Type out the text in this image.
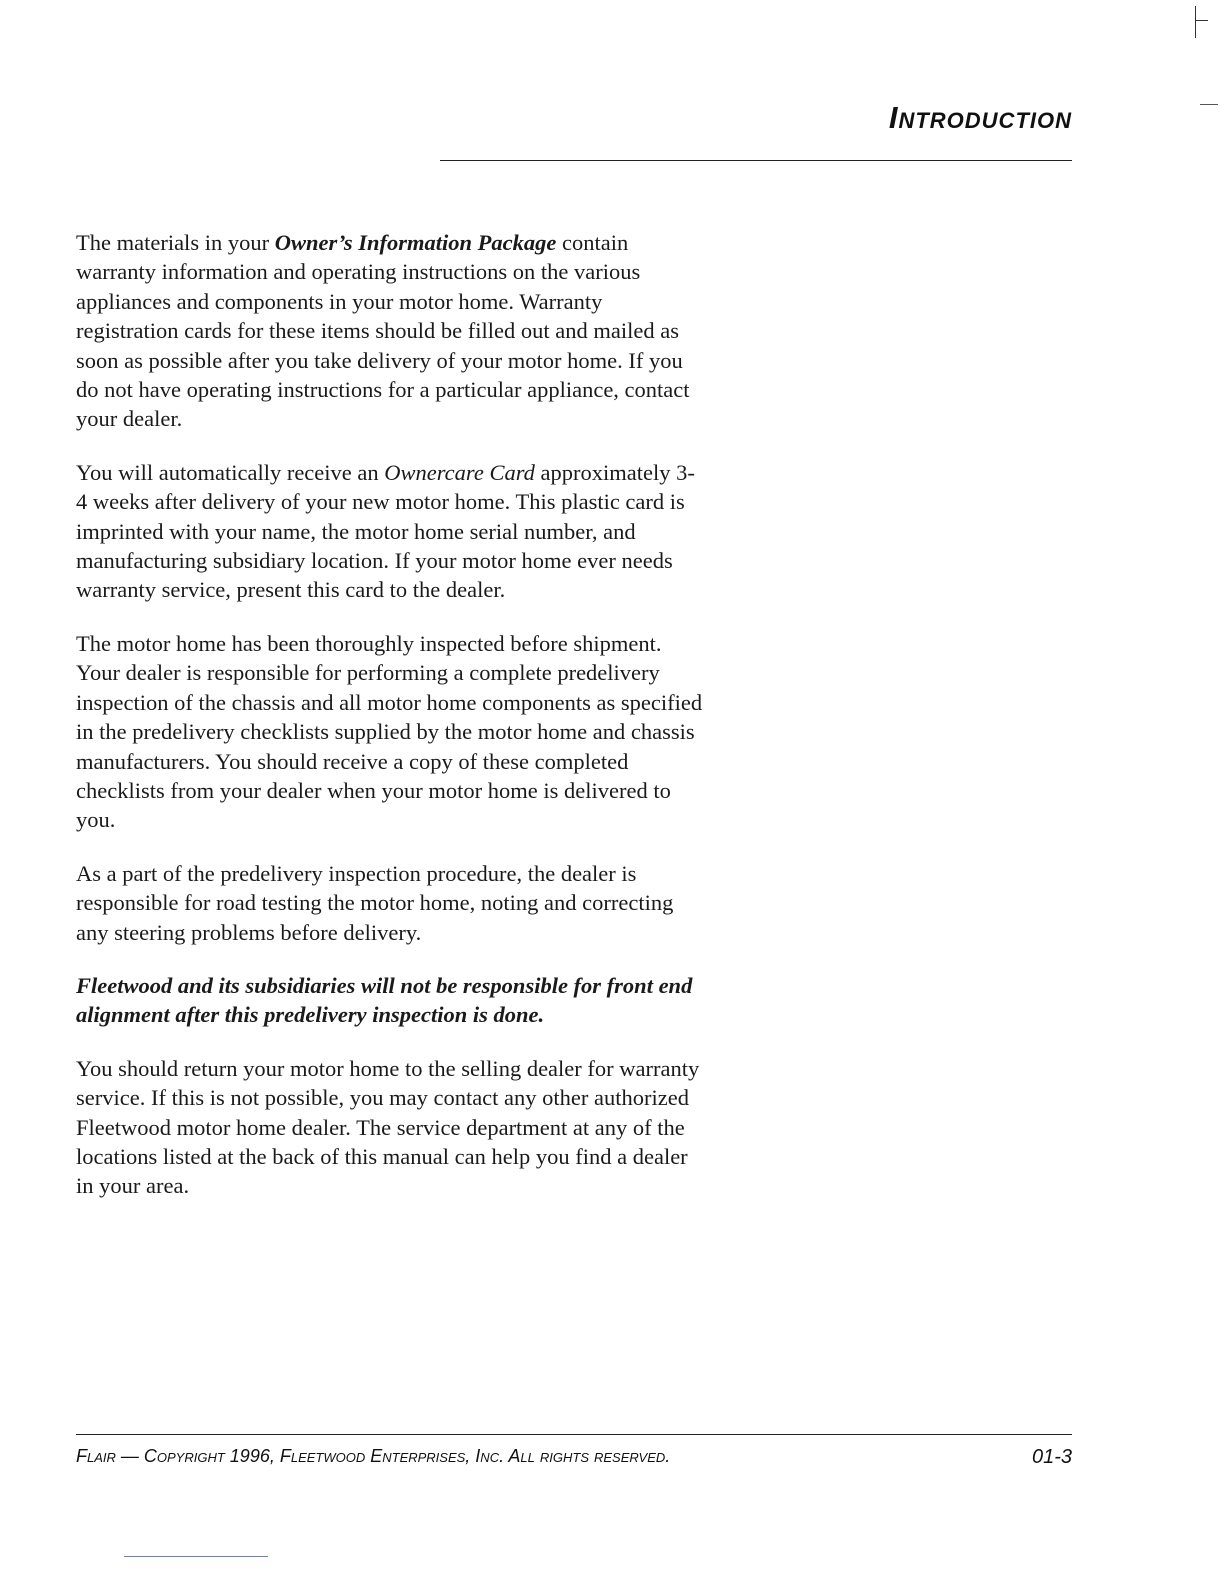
Introduction

The materials in your Owner’s Information Package contain warranty information and operating instructions on the various appliances and components in your motor home. Warranty registration cards for these items should be filled out and mailed as soon as possible after you take delivery of your motor home. If you do not have operating instructions for a particular appliance, contact your dealer.

You will automatically receive an Ownercare Card approximately 3-4 weeks after delivery of your new motor home. This plastic card is imprinted with your name, the motor home serial number, and manufacturing subsidiary location. If your motor home ever needs warranty service, present this card to the dealer.

The motor home has been thoroughly inspected before shipment. Your dealer is responsible for performing a complete predelivery inspection of the chassis and all motor home components as specified in the predelivery checklists supplied by the motor home and chassis manufacturers. You should receive a copy of these completed checklists from your dealer when your motor home is delivered to you.

As a part of the predelivery inspection procedure, the dealer is responsible for road testing the motor home, noting and correcting any steering problems before delivery.

Fleetwood and its subsidiaries will not be responsible for front end alignment after this predelivery inspection is done.

You should return your motor home to the selling dealer for warranty service. If this is not possible, you may contact any other authorized Fleetwood motor home dealer. The service department at any of the locations listed at the back of this manual can help you find a dealer in your area.

Flair — Copyright 1996, Fleetwood Enterprises, Inc. All rights reserved.	01-3
